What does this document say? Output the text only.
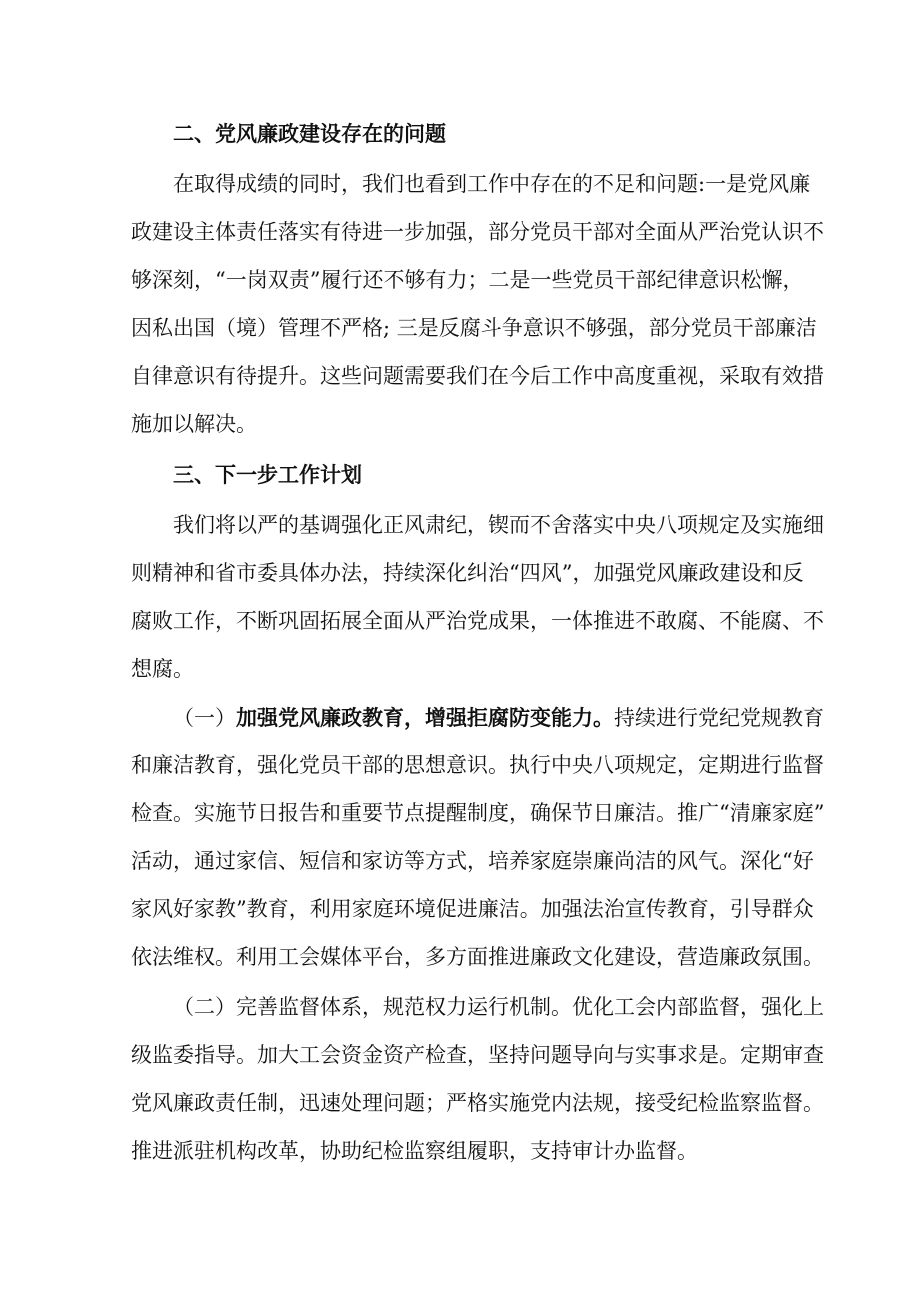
二、党风廉政建设存在的问题
在取得成绩的同时，我们也看到工作中存在的不足和问题:一是党风廉
政建设主体责任落实有待进一步加强，部分党员干部对全面从严治党认识不
够深刻，“一岗双责”履行还不够有力；二是一些党员干部纪律意识松懈，
因私出国（境）管理不严格; 三是反腐斗争意识不够强，部分党员干部廉洁
自律意识有待提升。这些问题需要我们在今后工作中高度重视，采取有效措
施加以解决。
三、下一步工作计划
我们将以严的基调强化正风肃纪，锲而不舍落实中央八项规定及实施细
则精神和省市委具体办法，持续深化纠治“四风”，加强党风廉政建设和反
腐败工作，不断巩固拓展全面从严治党成果，一体推进不敢腐、不能腐、不
想腐。
（一）加强党风廉政教育，增强拒腐防变能力。持续进行党纪党规教育
和廉洁教育，强化党员干部的思想意识。执行中央八项规定，定期进行监督
检查。实施节日报告和重要节点提醒制度，确保节日廉洁。推广“清廉家庭”
活动，通过家信、短信和家访等方式，培养家庭崇廉尚洁的风气。深化“好
家风好家教”教育，利用家庭环境促进廉洁。加强法治宣传教育，引导群众
依法维权。利用工会媒体平台，多方面推进廉政文化建设，营造廉政氛围。
（二）完善监督体系，规范权力运行机制。优化工会内部监督，强化上
级监委指导。加大工会资金资产检查，坚持问题导向与实事求是。定期审查
党风廉政责任制，迅速处理问题；严格实施党内法规，接受纪检监察监督。
推进派驻机构改革，协助纪检监察组履职，支持审计办监督。
